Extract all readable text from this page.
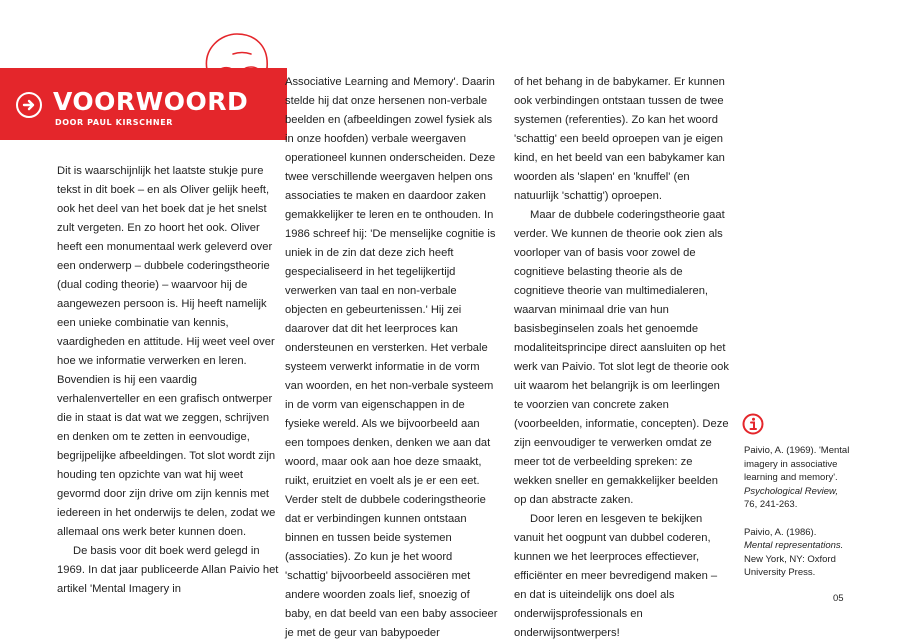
VOORWOORD
DOOR PAUL KIRSCHNER

Dit is waarschijnlijk het laatste stukje pure tekst in dit boek – en als Oliver gelijk heeft, ook het deel van het boek dat je het snelst zult vergeten. En zo hoort het ook. Oliver heeft een monumentaal werk geleverd over een onderwerp – dubbele coderingstheorie (dual coding theorie) – waarvoor hij de aangewezen persoon is. Hij heeft namelijk een unieke combinatie van kennis, vaardigheden en attitude. Hij weet veel over hoe we informatie verwerken en leren. Bovendien is hij een vaardig verhalenverteller en een grafisch ontwerper die in staat is dat wat we zeggen, schrijven en denken om te zetten in eenvoudige, begrijpelijke afbeeldingen. Tot slot wordt zijn houding ten opzichte van wat hij weet gevormd door zijn drive om zijn kennis met iedereen in het onderwijs te delen, zodat we allemaal ons werk beter kunnen doen.

De basis voor dit boek werd gelegd in 1969. In dat jaar publiceerde Allan Paivio het artikel 'Mental Imagery in

Associative Learning and Memory'. Daarin stelde hij dat onze hersenen non-verbale beelden en (afbeeldingen zowel fysiek als in onze hoofden) verbale weergaven operationeel kunnen onderscheiden. Deze twee verschillende weergaven helpen ons associaties te maken en daardoor zaken gemakkelijker te leren en te onthouden. In 1986 schreef hij: 'De menselijke cognitie is uniek in de zin dat deze zich heeft gespecialiseerd in het tegelijkertijd verwerken van taal en non-verbale objecten en gebeurtenissen.' Hij zei daarover dat dit het leerproces kan ondersteunen en versterken. Het verbale systeem verwerkt informatie in de vorm van woorden, en het non-verbale systeem in de vorm van eigenschappen in de fysieke wereld. Als we bijvoorbeeld aan een tompoes denken, denken we aan dat woord, maar ook aan hoe deze smaakt, ruikt, eruitziet en voelt als je er een eet. Verder stelt de dubbele coderingstheorie dat er verbindingen kunnen ontstaan binnen en tussen beide systemen (associaties). Zo kun je het woord 'schattig' bijvoorbeeld associëren met andere woorden zoals lief, snoezig of baby, en dat beeld van een baby associeer je met de geur van babypoeder

of het behang in de babykamer. Er kunnen ook verbindingen ontstaan tussen de twee systemen (referenties). Zo kan het woord 'schattig' een beeld oproepen van je eigen kind, en het beeld van een babykamer kan woorden als 'slapen' en 'knuffel' (en natuurlijk 'schattig') oproepen.

Maar de dubbele coderingstheorie gaat verder. We kunnen de theorie ook zien als voorloper van of basis voor zowel de cognitieve belasting theorie als de cognitieve theorie van multimedialeren, waarvan minimaal drie van hun basisbeginselen zoals het genoemde modaliteitsprincipe direct aansluiten op het werk van Paivio. Tot slot legt de theorie ook uit waarom het belangrijk is om leerlingen te voorzien van concrete zaken (voorbeelden, informatie, concepten). Deze zijn eenvoudiger te verwerken omdat ze meer tot de verbeelding spreken: ze wekken sneller en gemakkelijker beelden op dan abstracte zaken.

Door leren en lesgeven te bekijken vanuit het oogpunt van dubbel coderen, kunnen we het leerproces effectiever, efficiënter en meer bevredigend maken – en dat is uiteindelijk ons doel als onderwijsprofessionals en onderwijsontwerpers!

Paivio, A. (1969). 'Mental imagery in associative learning and memory'. Psychological Review,
76, 241-263.

Paivio, A. (1986).
Mental representations.
New York, NY: Oxford University Press.

05
